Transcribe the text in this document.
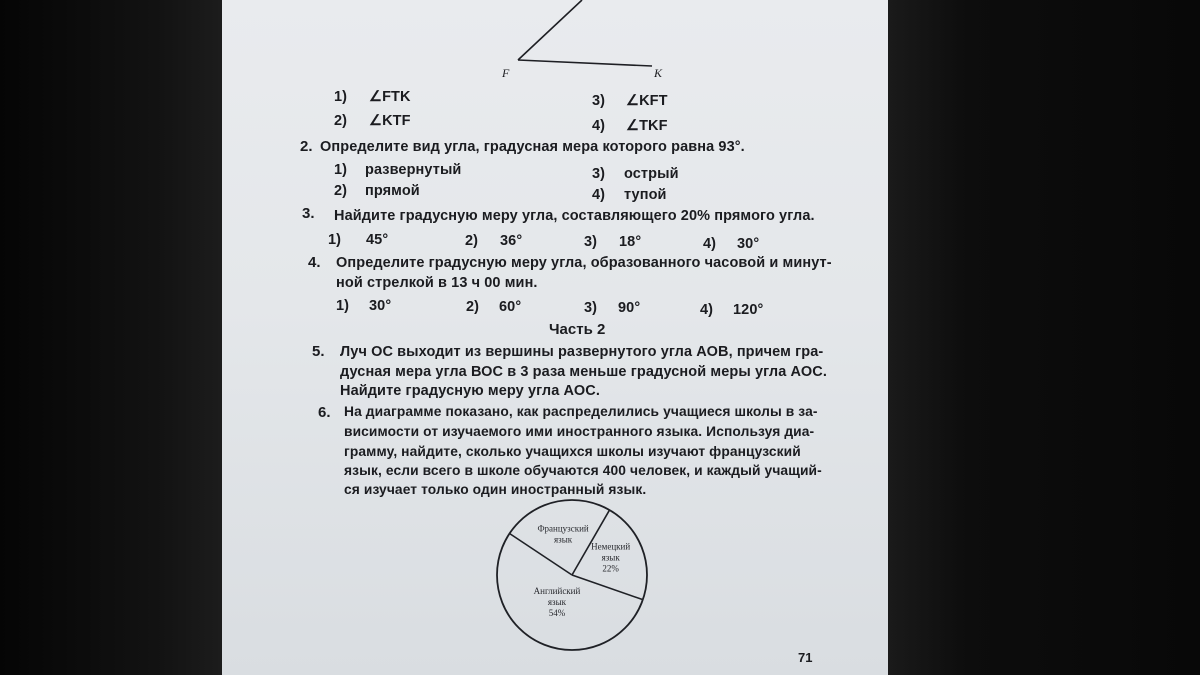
F	K
1) ∠FTK	3) ∠KFT
2) ∠KTF	4) ∠TKF
2. Определите вид угла, градусная мера которого равна 93°.
1) развернутый	3) острый
2) прямой	4) тупой
3. Найдите градусную меру угла, составляющего 20% прямого угла.
1) 45°	2) 36°	3) 18°	4) 30°
4. Определите градусную меру угла, образованного часовой и минут-
ной стрелкой в 13 ч 00 мин.
1) 30°	2) 60°	3) 90°	4) 120°
Часть 2
5. Луч ОС выходит из вершины развернутого угла АОВ, причем гра-
дусная мера угла ВОС в 3 раза меньше градусной меры угла АОС.
Найдите градусную меру угла АОС.
6. На диаграмме показано, как распределились учащиеся школы в за-
висимости от изучаемого ими иностранного языка. Используя диа-
грамму, найдите, сколько учащихся школы изучают французский
язык, если всего в школе обучаются 400 человек, и каждый учащий-
ся изучает только один иностранный язык.
Французский язык
Немецкий язык 22%
Английский язык 54%
71
